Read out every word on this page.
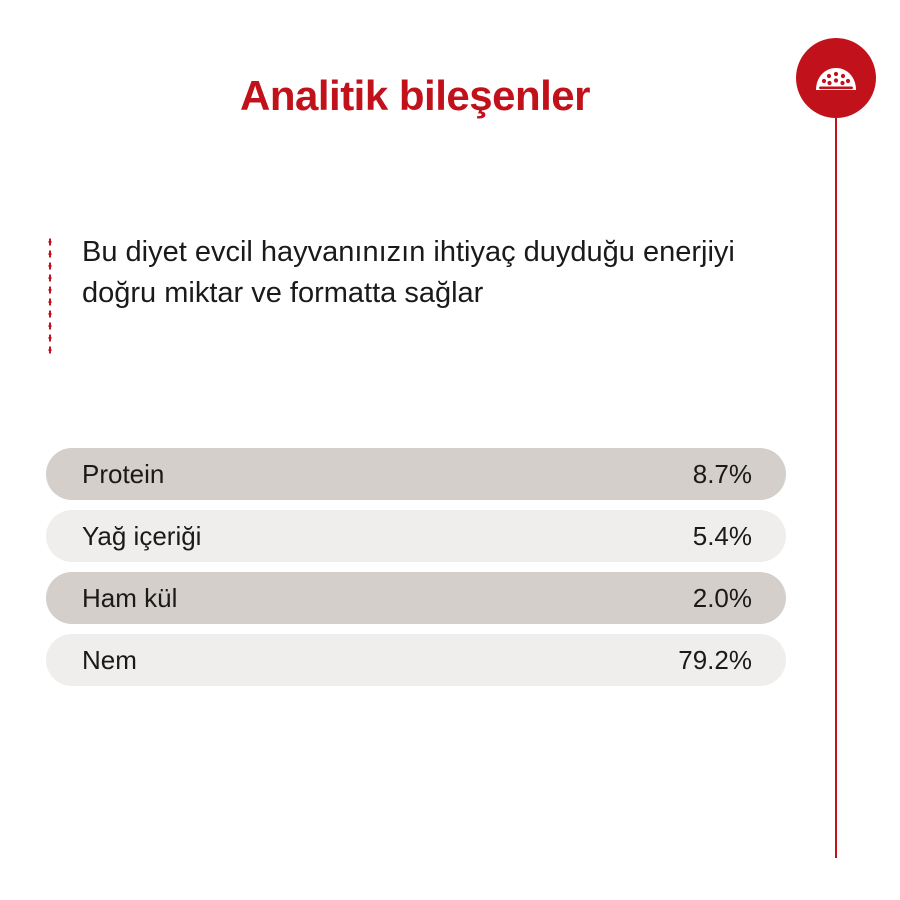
Analitik bileşenler
Bu diyet evcil hayvanınızın ihtiyaç duyduğu enerjiyi doğru miktar ve formatta sağlar
Protein	8.7%
Yağ içeriği	5.4%
Ham kül	2.0%
Nem	79.2%
